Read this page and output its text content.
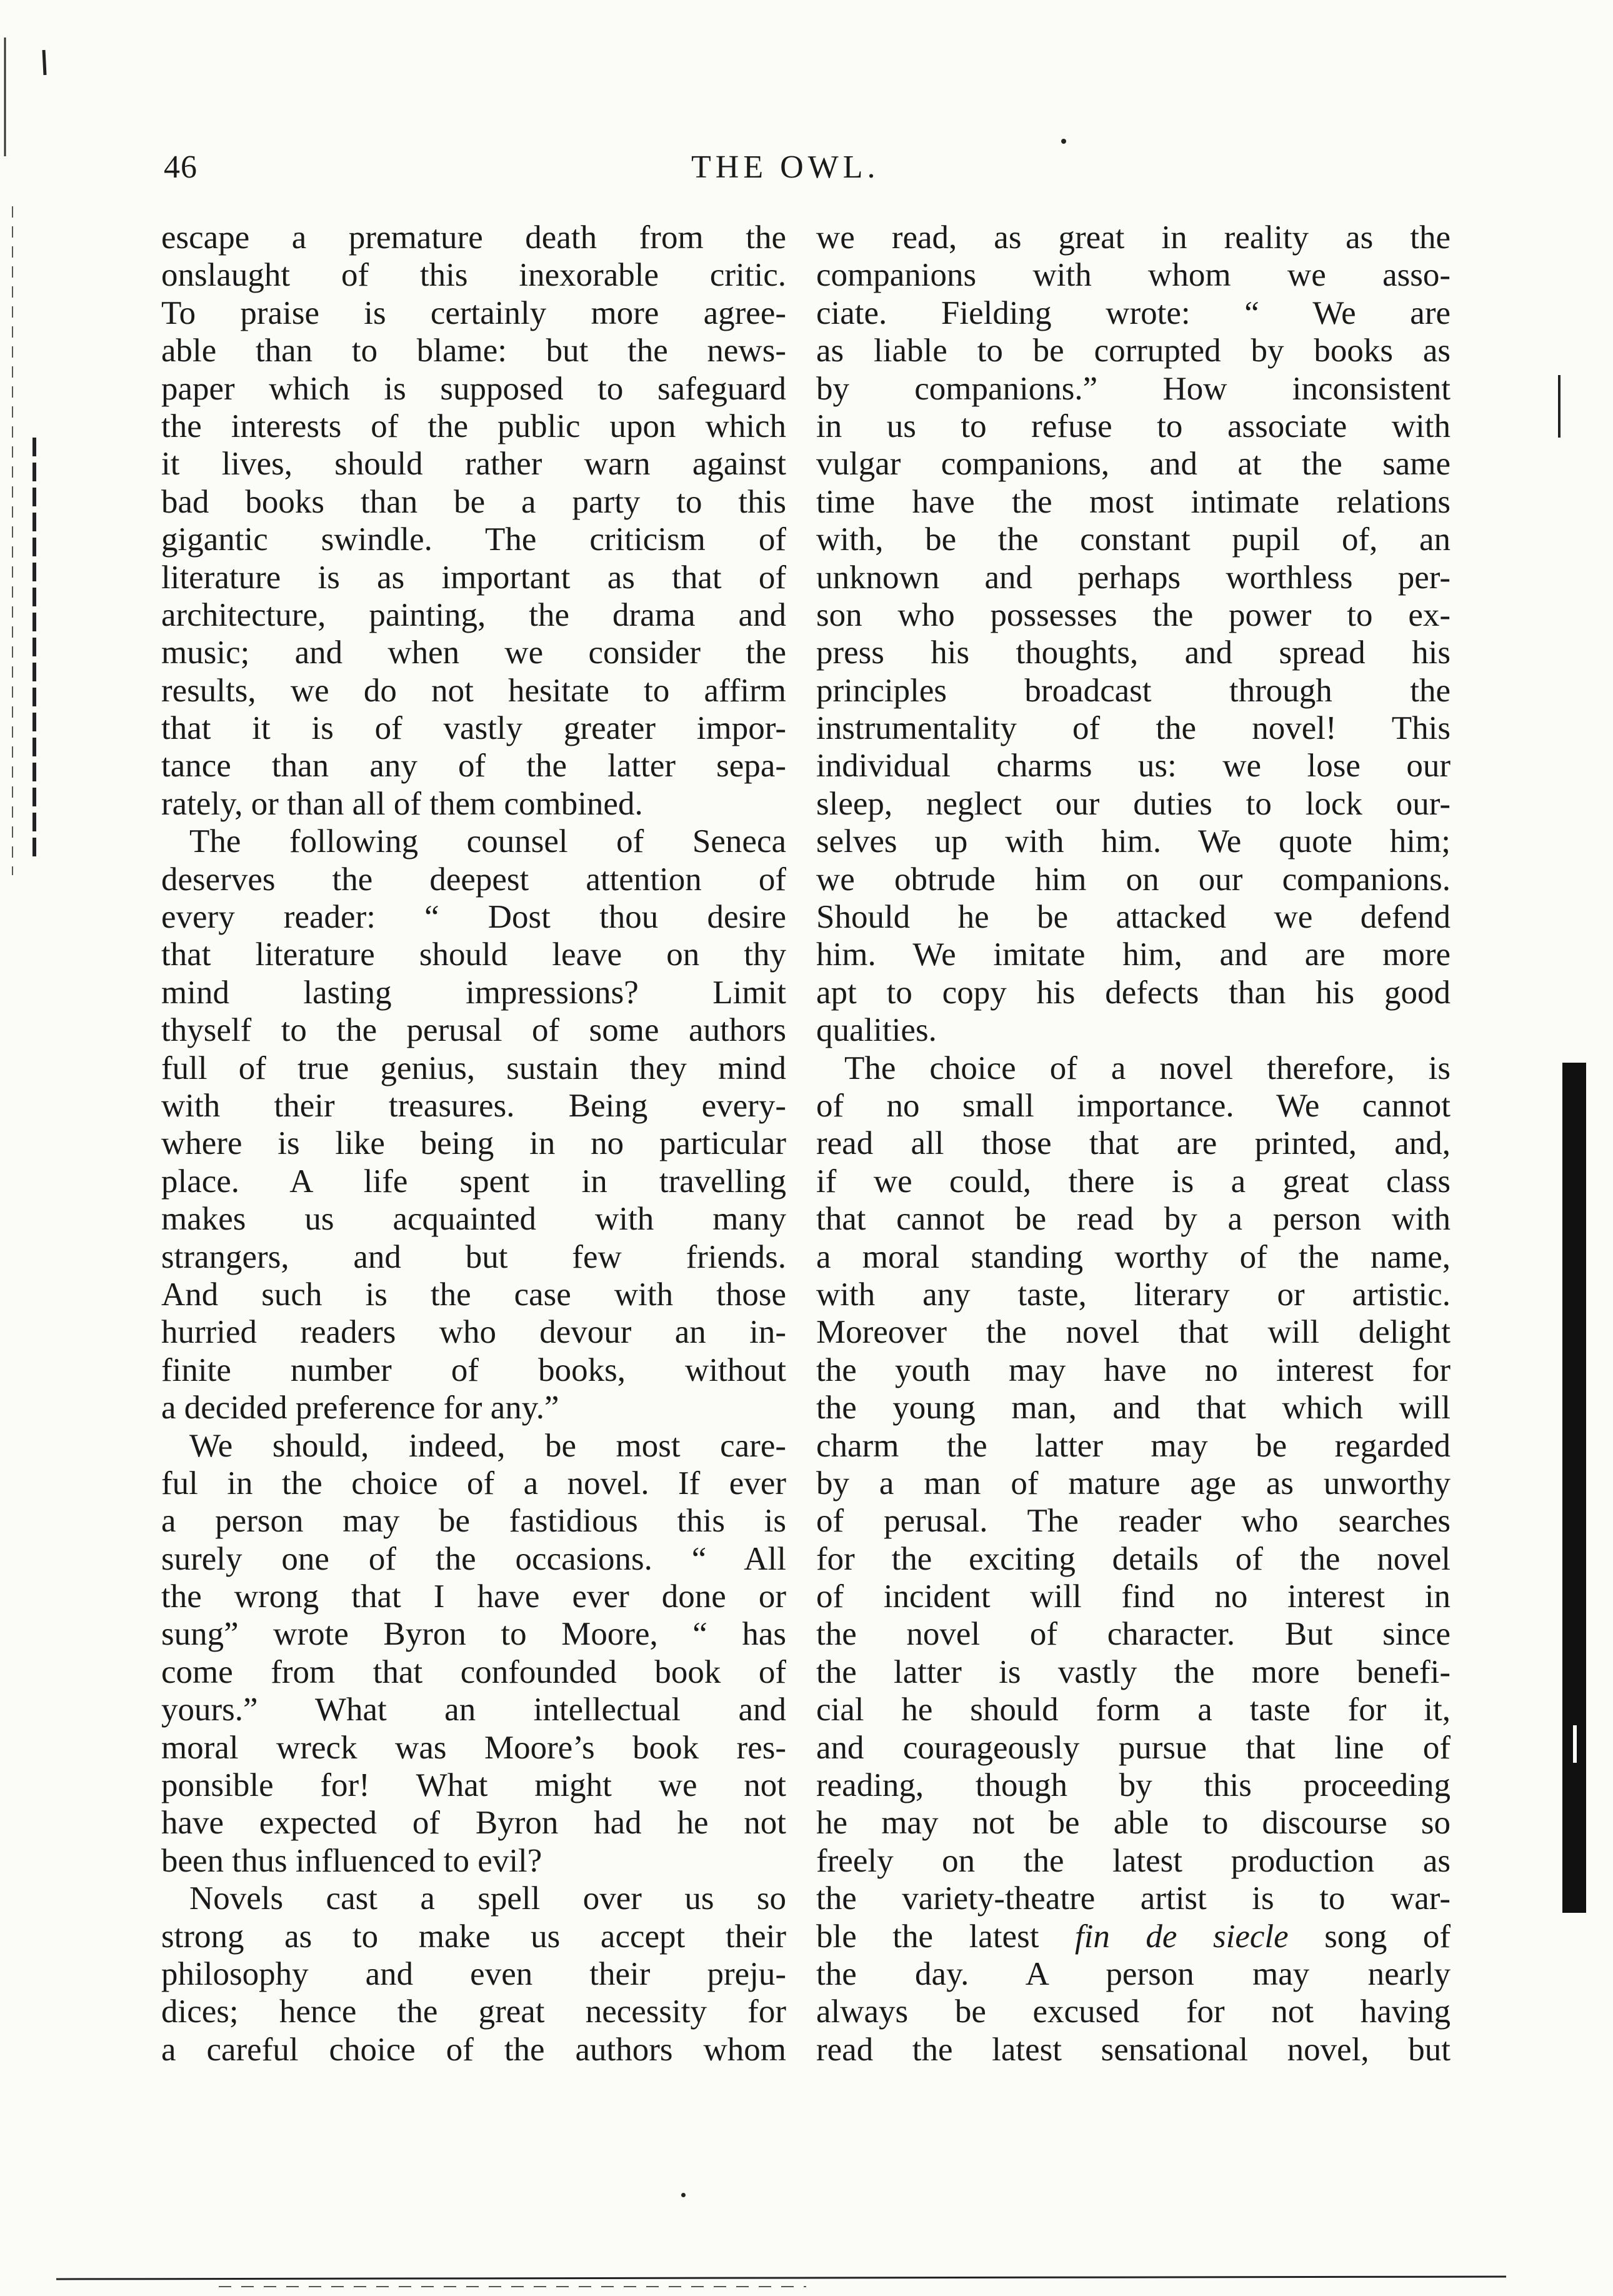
46	THE OWL.
escape a premature death from the
onslaught of this inexorable critic.
To praise is certainly more agree-
able than to blame: but the news-
paper which is supposed to safeguard
the interests of the public upon which
it lives, should rather warn against
bad books than be a party to this
gigantic swindle. The criticism of
literature is as important as that of
architecture, painting, the drama and
music; and when we consider the
results, we do not hesitate to affirm
that it is of vastly greater impor-
tance than any of the latter sepa-
rately, or than all of them combined.
The following counsel of Seneca
deserves the deepest attention of
every reader: “ Dost thou desire
that literature should leave on thy
mind lasting impressions? Limit
thyself to the perusal of some authors
full of true genius, sustain they mind
with their treasures. Being every-
where is like being in no particular
place. A life spent in travelling
makes us acquainted with many
strangers, and but few friends.
And such is the case with those
hurried readers who devour an in-
finite number of books, without
a decided preference for any.”
We should, indeed, be most care-
ful in the choice of a novel. If ever
a person may be fastidious this is
surely one of the occasions. “ All
the wrong that I have ever done or
sung” wrote Byron to Moore, “ has
come from that confounded book of
yours.” What an intellectual and
moral wreck was Moore’s book res-
ponsible for! What might we not
have expected of Byron had he not
been thus influenced to evil?
Novels cast a spell over us so
strong as to make us accept their
philosophy and even their preju-
dices; hence the great necessity for
a careful choice of the authors whom
we read, as great in reality as the
companions with whom we asso-
ciate. Fielding wrote: “ We are
as liable to be corrupted by books as
by companions.” How inconsistent
in us to refuse to associate with
vulgar companions, and at the same
time have the most intimate relations
with, be the constant pupil of, an
unknown and perhaps worthless per-
son who possesses the power to ex-
press his thoughts, and spread his
principles broadcast through the
instrumentality of the novel! This
individual charms us: we lose our
sleep, neglect our duties to lock our-
selves up with him. We quote him;
we obtrude him on our companions.
Should he be attacked we defend
him. We imitate him, and are more
apt to copy his defects than his good
qualities.
The choice of a novel therefore, is
of no small importance. We cannot
read all those that are printed, and,
if we could, there is a great class
that cannot be read by a person with
a moral standing worthy of the name,
with any taste, literary or artistic.
Moreover the novel that will delight
the youth may have no interest for
the young man, and that which will
charm the latter may be regarded
by a man of mature age as unworthy
of perusal. The reader who searches
for the exciting details of the novel
of incident will find no interest in
the novel of character. But since
the latter is vastly the more benefi-
cial he should form a taste for it,
and courageously pursue that line of
reading, though by this proceeding
he may not be able to discourse so
freely on the latest production as
the variety-theatre artist is to war-
ble the latest fin de siecle song of
the day. A person may nearly
always be excused for not having
read the latest sensational novel, but
